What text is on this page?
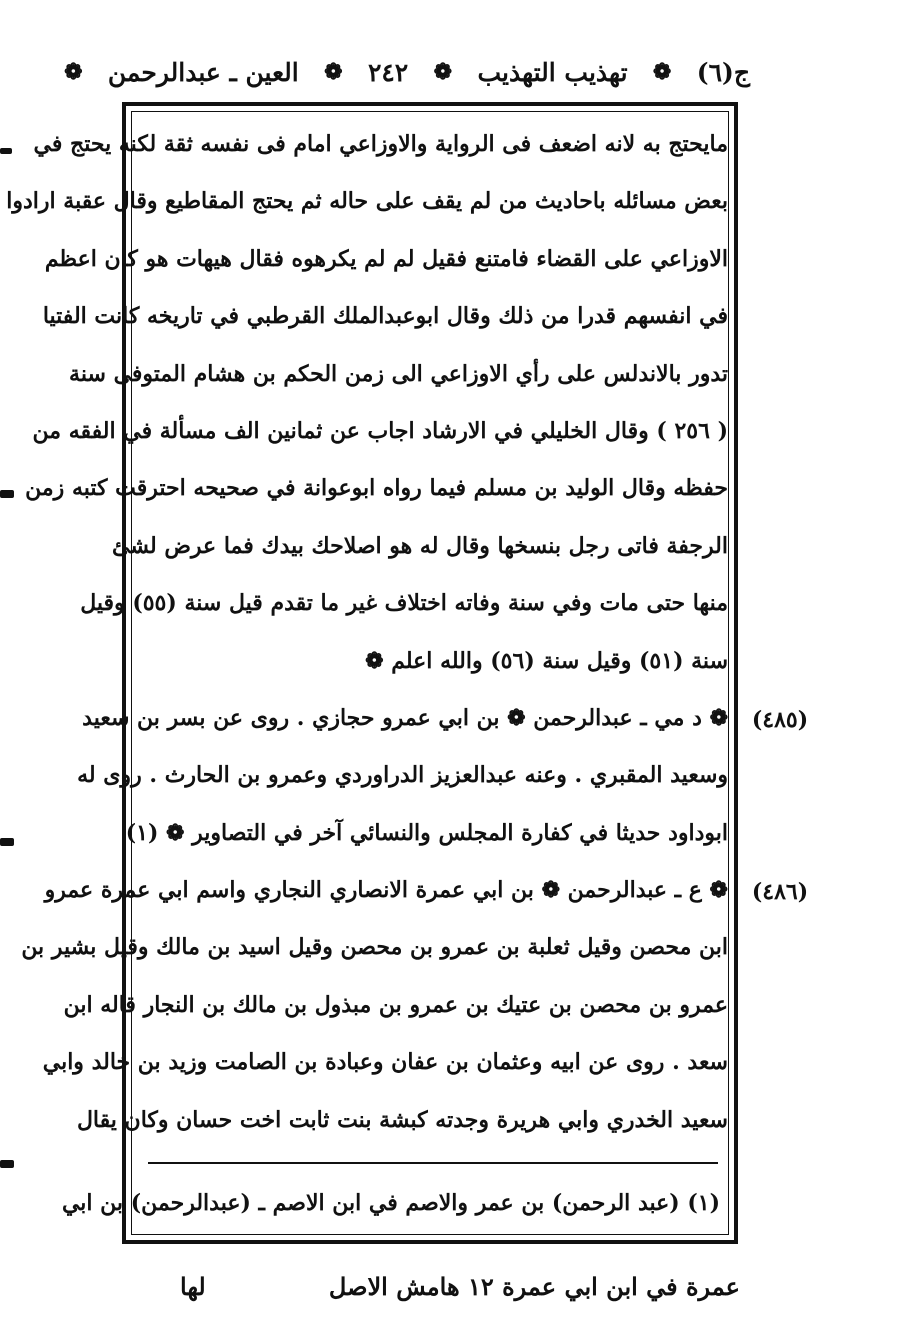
ج(٦)
❁
تهذيب التهذيب
❁
٢٤٢
❁
العين ـ عبدالرحمن
❁
مايحتج به لانه اضعف فى الرواية والاوزاعي امام فى نفسه ثقة لكنه يحتج في
بعض مسائله باحاديث من لم يقف على حاله ثم يحتج المقاطيع وقال عقبة ارادوا
الاوزاعي على القضاء فامتنع فقيل لم لم يكرهوه فقال هيهات هو كان اعظم
في انفسهم قدرا من ذلك وقال ابوعبدالملك القرطبي في تاريخه كانت الفتيا
تدور بالاندلس على رأي الاوزاعي الى زمن الحكم بن هشام المتوفى سنة
( ٢٥٦ ) وقال الخليلي في الارشاد اجاب عن ثمانين الف مسألة في الفقه من
حفظه وقال الوليد بن مسلم فيما رواه ابوعوانة في صحيحه احترقت كتبه زمن
الرجفة فاتى رجل بنسخها وقال له هو اصلاحك بيدك فما عرض لشئ
منها حتى مات وفي سنة وفاته اختلاف غير ما تقدم قيل سنة (٥٥) وقيل
سنة (٥١) وقيل سنة (٥٦) والله اعلم ❁
❁ د مي ـ عبدالرحمن ❁ بن ابي عمرو حجازي . روى عن بسر بن سعيد
وسعيد المقبري . وعنه عبدالعزيز الدراوردي وعمرو بن الحارث . روى له
ابوداود حديثا في كفارة المجلس والنسائي آخر في التصاوير ❁ (١)
❁ ع ـ عبدالرحمن ❁ بن ابي عمرة الانصاري النجاري واسم ابي عمرة عمرو
ابن محصن وقيل ثعلبة بن عمرو بن محصن وقيل اسيد بن مالك وقيل بشير بن
عمرو بن محصن بن عتيك بن عمرو بن مبذول بن مالك بن النجار قاله ابن
سعد . روى عن ابيه وعثمان بن عفان وعبادة بن الصامت وزيد بن خالد وابي
سعيد الخدري وابي هريرة وجدته كبشة بنت ثابت اخت حسان وكان يقال
(٤٨٥)
(٤٨٦)
(١) (عبد الرحمن) بن عمر والاصم في ابن الاصم ـ (عبدالرحمن) بن ابي
عمرة في ابن ابي عمرة ١٢ هامش الاصل
لها
